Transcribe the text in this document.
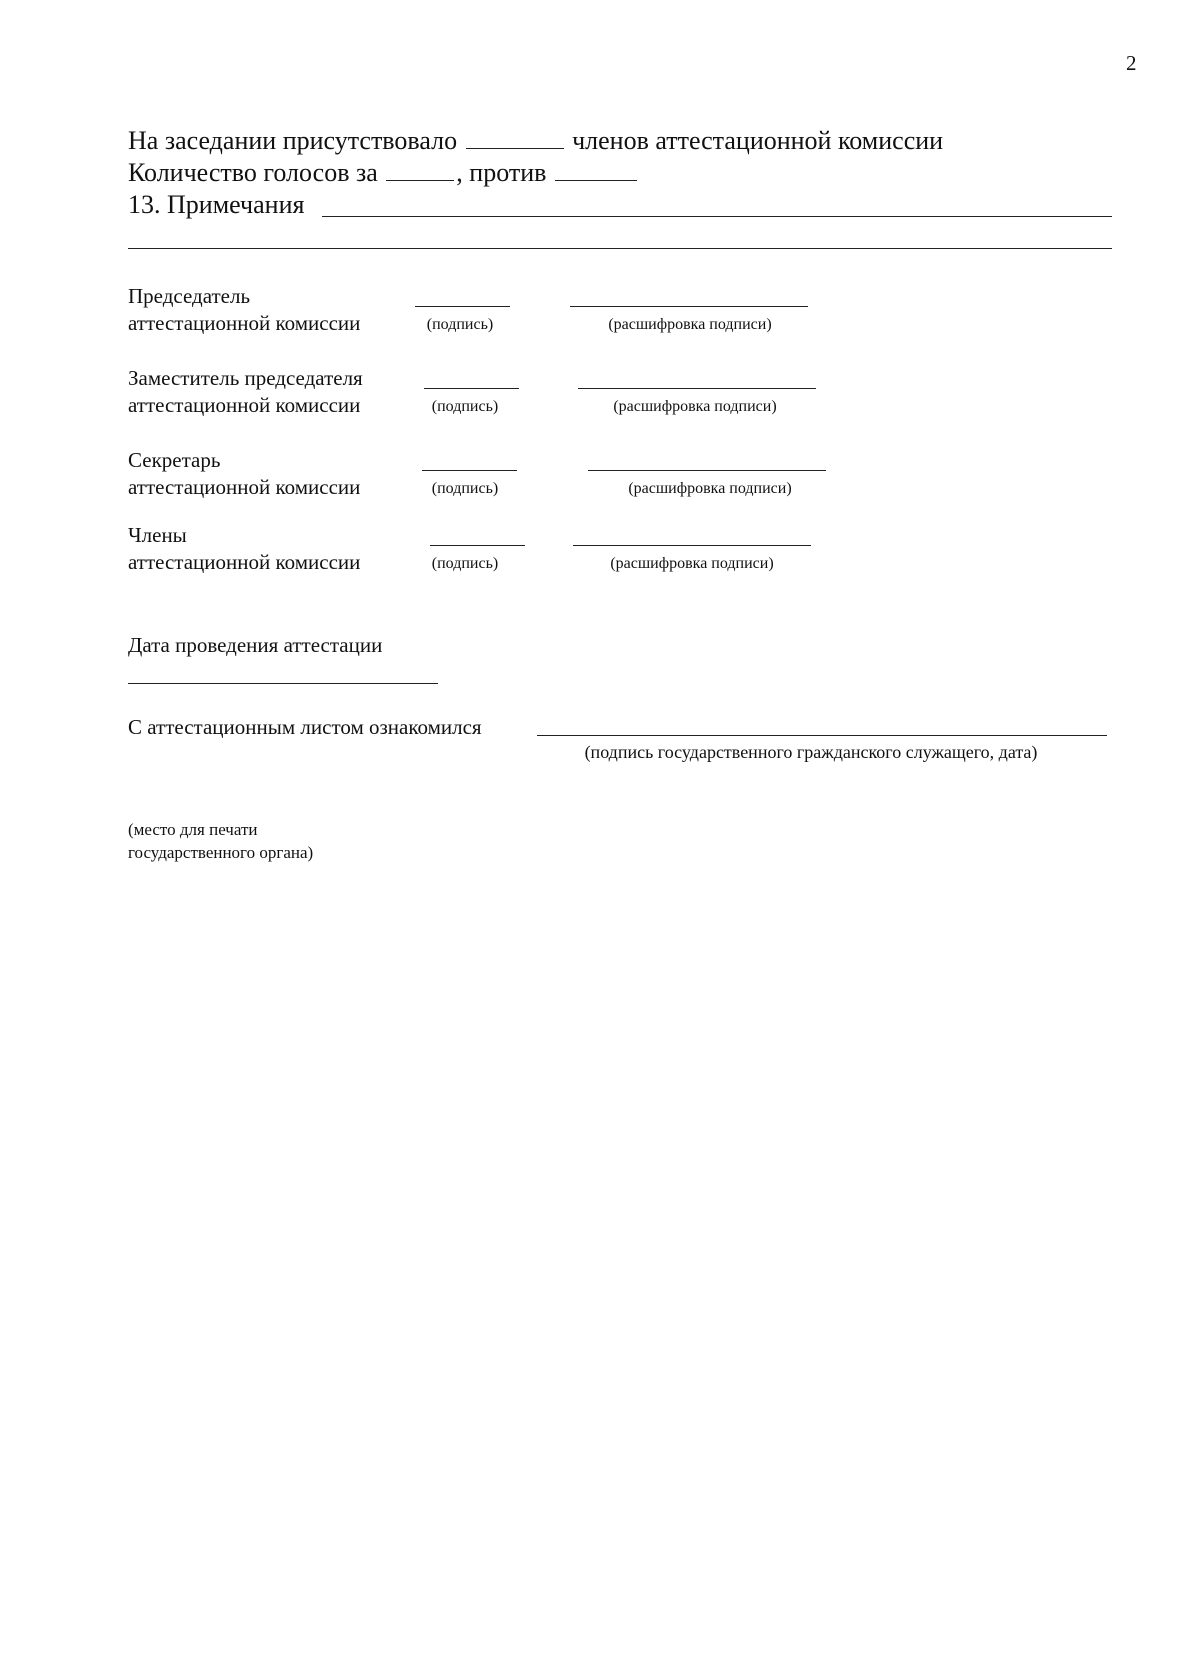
2
На заседании присутствовало	членов аттестационной комиссии
Количество голосов за	, против
13. Примечания
Председатель
аттестационной комиссии	(подпись)	(расшифровка подписи)
Заместитель председателя
аттестационной комиссии	(подпись)	(расшифровка подписи)
Секретарь
аттестационной комиссии	(подпись)	(расшифровка подписи)
Члены
аттестационной комиссии	(подпись)	(расшифровка подписи)
Дата проведения аттестации
С аттестационным листом ознакомился
(подпись государственного гражданского служащего, дата)
(место для печати
государственного органа)
